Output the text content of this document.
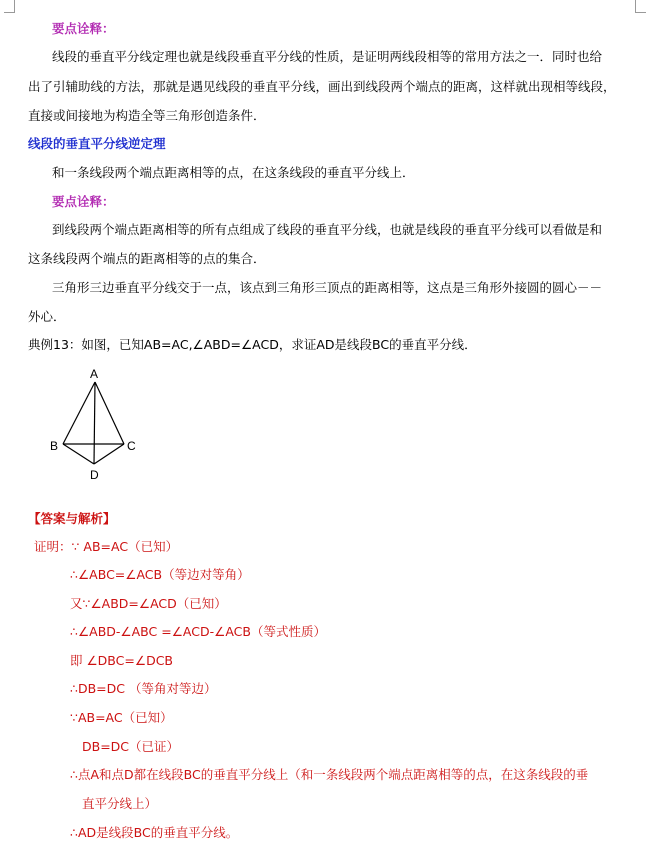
要点诠释：
线段的垂直平分线定理也就是线段垂直平分线的性质，是证明两线段相等的常用方法之一．同时也给
出了引辅助线的方法，那就是遇见线段的垂直平分线，画出到线段两个端点的距离，这样就出现相等线段，
直接或间接地为构造全等三角形创造条件．
线段的垂直平分线逆定理
和一条线段两个端点距离相等的点，在这条线段的垂直平分线上．
要点诠释：
到线段两个端点距离相等的所有点组成了线段的垂直平分线，也就是线段的垂直平分线可以看做是和
这条线段两个端点的距离相等的点的集合．
三角形三边垂直平分线交于一点，该点到三角形三顶点的距离相等，这点是三角形外接圆的圆心－－
外心．
典例13：如图，已知AB=AC,∠ABD=∠ACD，求证AD是线段BC的垂直平分线．
【答案与解析】
证明：∵ AB=AC（已知）
∴∠ABC=∠ACB（等边对等角）
又∵∠ABD=∠ACD（已知）
∴∠ABD-∠ABC =∠ACD-∠ACB（等式性质）
即 ∠DBC=∠DCB
∴DB=DC （等角对等边）
∵AB=AC（已知）
DB=DC（已证）
∴点A和点D都在线段BC的垂直平分线上（和一条线段两个端点距离相等的点，在这条线段的垂
直平分线上）
∴AD是线段BC的垂直平分线。
A
B	C
D
